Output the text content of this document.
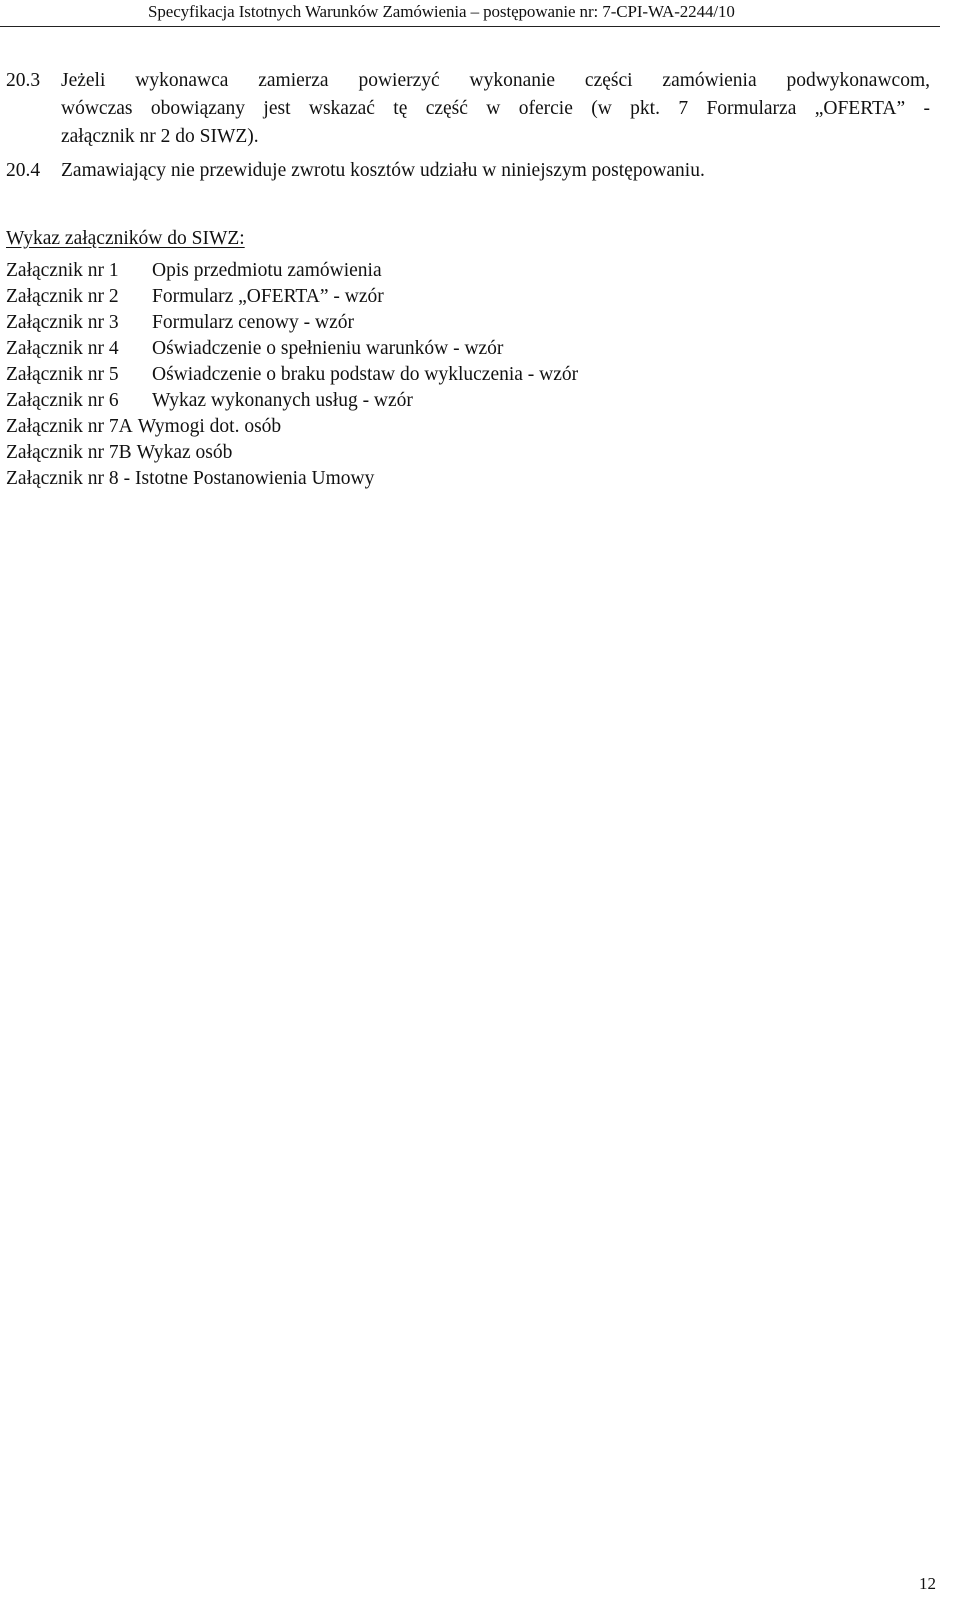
Specyfikacja Istotnych Warunków Zamówienia – postępowanie nr: 7-CPI-WA-2244/10
20.3 Jeżeli wykonawca zamierza powierzyć wykonanie części zamówienia podwykonawcom,
wówczas obowiązany jest wskazać tę część w ofercie (w pkt. 7 Formularza „OFERTA” -
załącznik nr 2 do SIWZ).
20.4 Zamawiający nie przewiduje zwrotu kosztów udziału w niniejszym postępowaniu.
Wykaz załączników do SIWZ:
Załącznik nr 1 Opis przedmiotu zamówienia
Załącznik nr 2 Formularz „OFERTA” - wzór
Załącznik nr 3 Formularz cenowy - wzór
Załącznik nr 4 Oświadczenie o spełnieniu warunków - wzór
Załącznik nr 5 Oświadczenie o braku podstaw do wykluczenia - wzór
Załącznik nr 6 Wykaz wykonanych usług - wzór
Załącznik nr 7A Wymogi dot. osób
Załącznik nr 7B Wykaz osób
Załącznik nr 8 - Istotne Postanowienia Umowy
12
